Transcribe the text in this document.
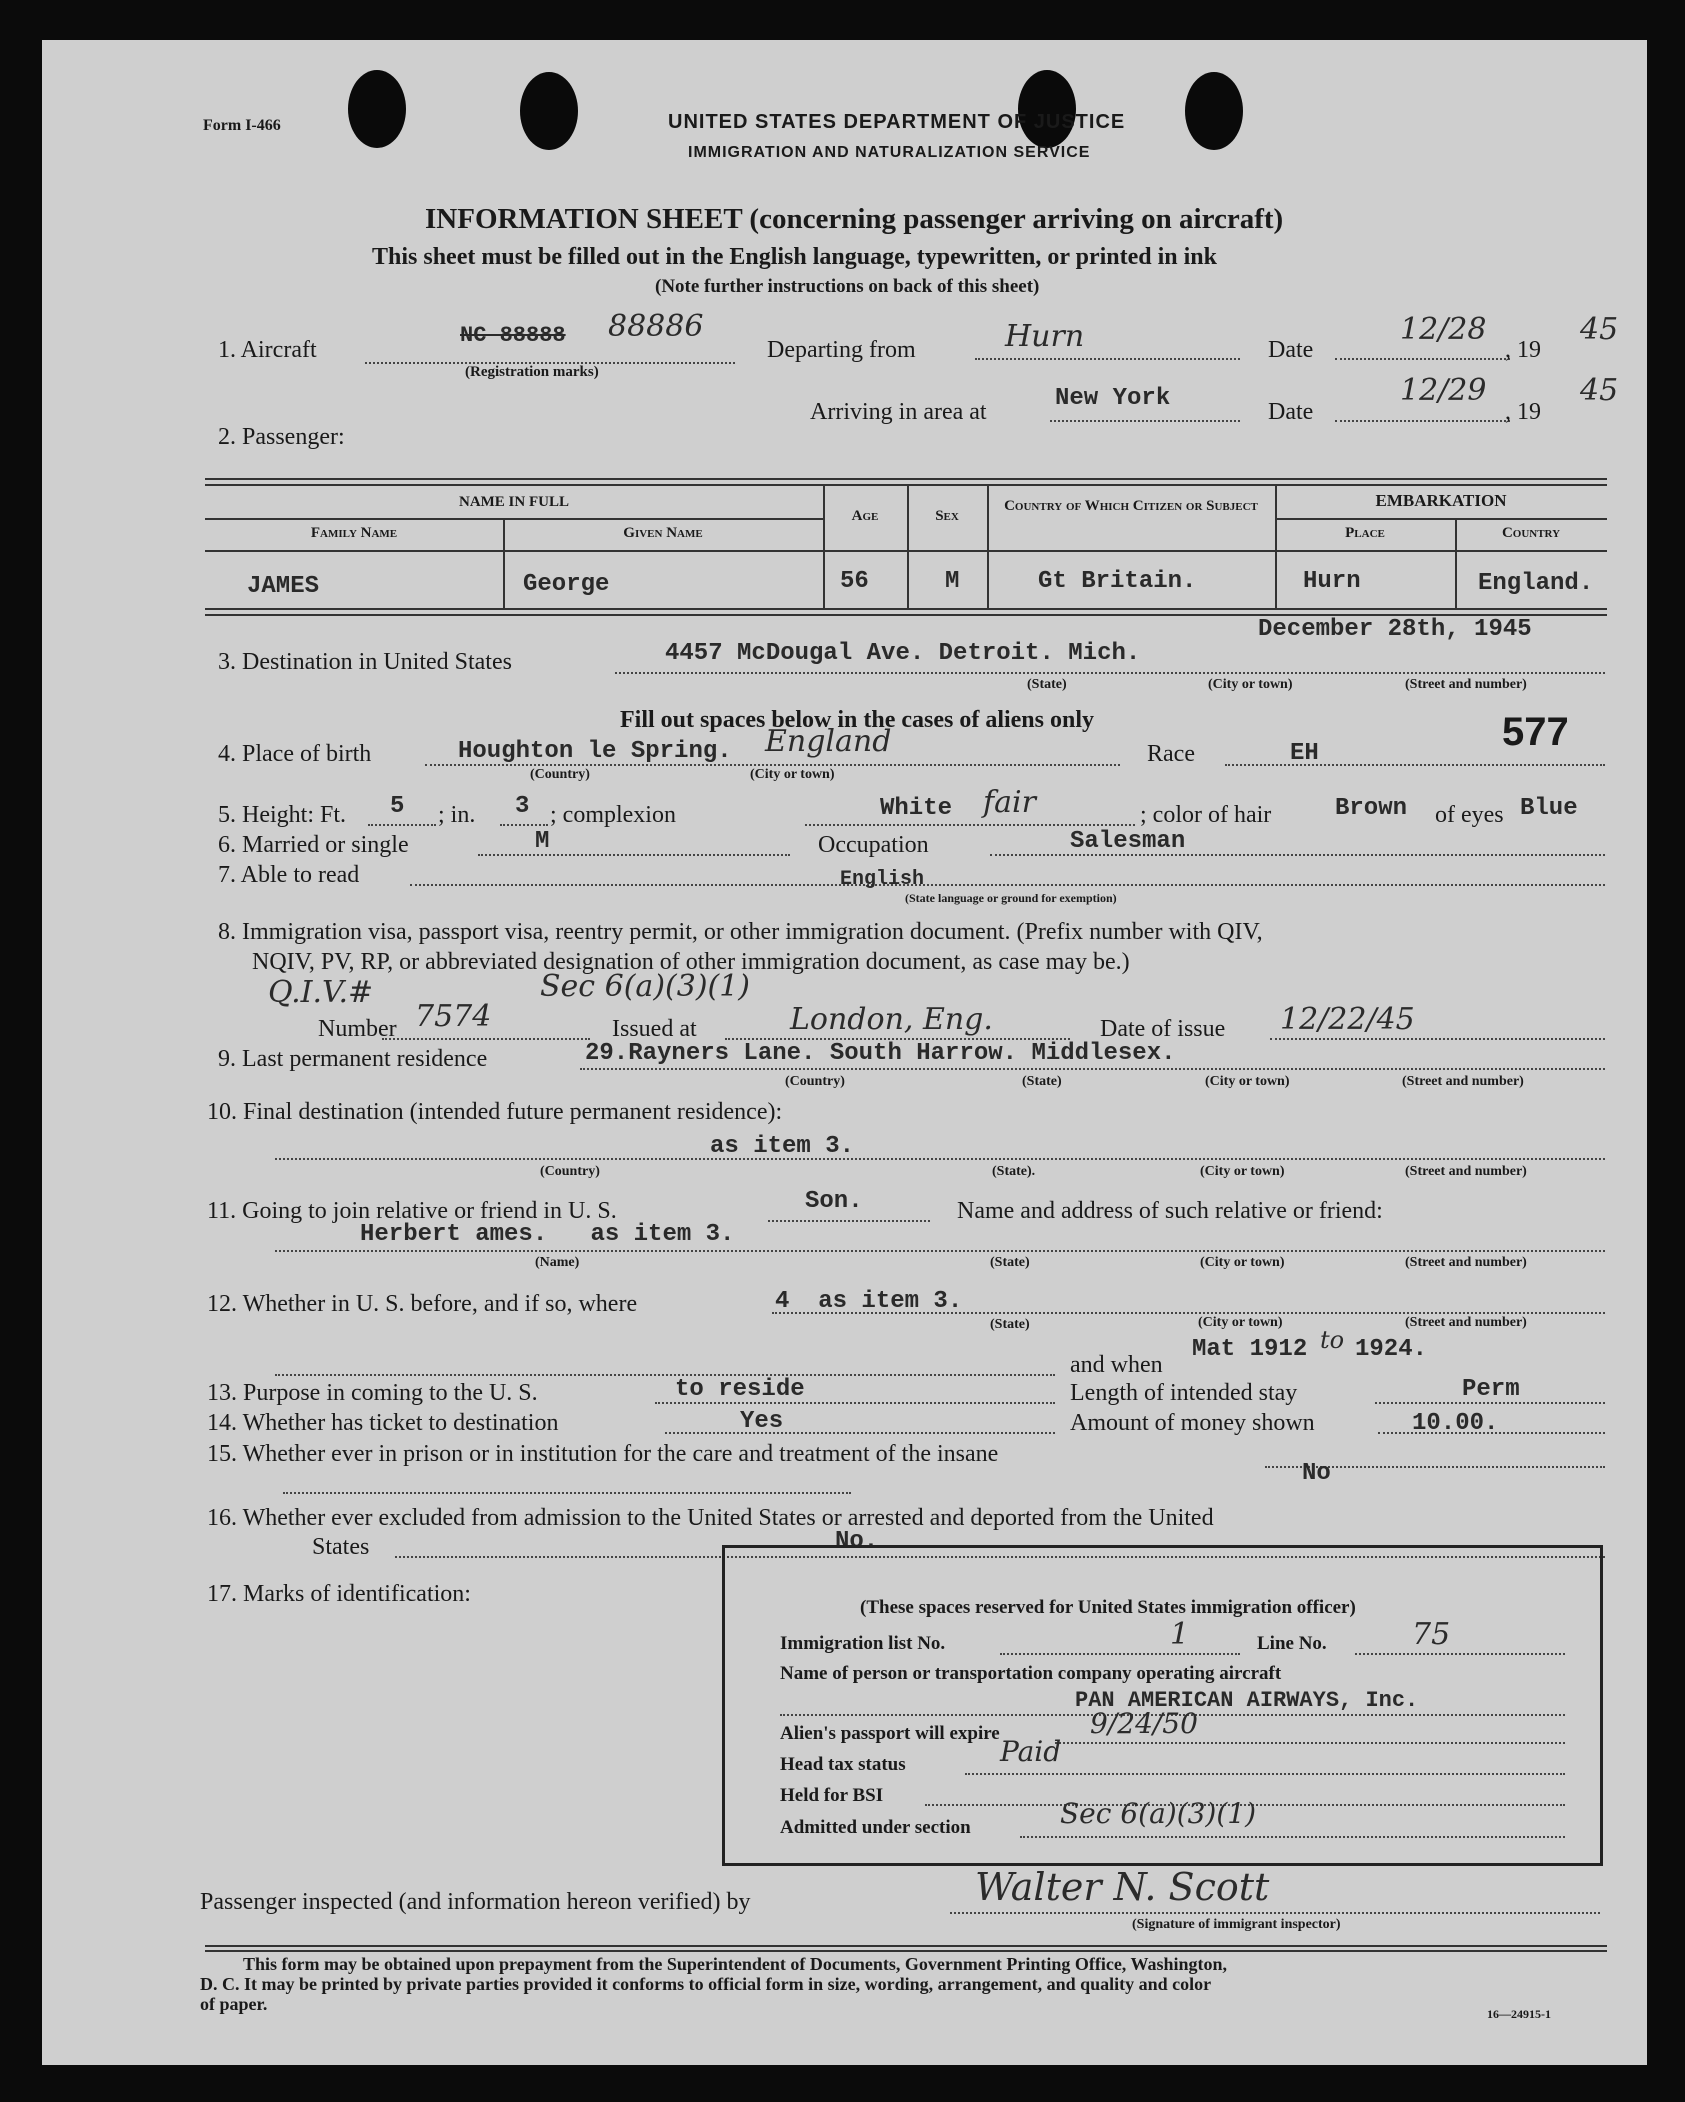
Form I-466	UNITED STATES DEPARTMENT OF JUSTICE
IMMIGRATION AND NATURALIZATION SERVICE
INFORMATION SHEET (concerning passenger arriving on aircraft)
This sheet must be filled out in the English language, typewritten, or printed in ink
(Note further instructions on back of this sheet)
1. Aircraft
NC 88888 88886
(Registration marks)
Departing from	Hurn	Date
12/28
, 19
45
Arriving in area at	New York	Date
12/29
, 19
45
2. Passenger:
NAME IN FULL
Family Name	Given Name
Age	Sex
Country of Which Citizen or Subject	EMBARKATION
Place	Country
JAMES	George	56	M	Gt Britain.	Hurn	England.
December 28th, 1945
3. Destination in United States	4457 McDougal Ave. Detroit. Mich.
(State)	(City or town)	(Street and number)
Fill out spaces below in the cases of aliens only
4. Place of birth	Houghton le Spring. England
(Country)	(City or town)
Race	EH	577
5. Height: Ft. 5 ; in. 3 ; complexion	White fair	; color of hair	Brown of eyes Blue
6. Married or single	M	Occupation	Salesman
7. Able to read	English
(State language or ground for exemption)
8. Immigration visa, passport visa, reentry permit, or other immigration document. (Prefix number with QIV,
NQIV, PV, RP, or abbreviated designation of other immigration document, as case may be.)
Q.I.V.#	Sec 6(a)(3)(1)
Number 7574	Issued at	London, Eng.	Date of issue 12/22/45
9. Last permanent residence	29.Rayners Lane. South Harrow. Middlesex.
(Country)	(State)	(City or town)	(Street and number)
10. Final destination (intended future permanent residence):
as item 3.
(Country)	(State).	(City or town)	(Street and number)
11. Going to join relative or friend in U. S.	Son.	Name and address of such relative or friend:
Herbert ames.   as item 3.
(Name)	(State)	(City or town)	(Street and number)
12. Whether in U. S. before, and if so, where	4  as item 3.
(State)	(City or town)	(Street and number)
and when
Mat 1912 to 1924.
13. Purpose in coming to the U. S.	to reside	Length of intended stay	Perm
14. Whether has ticket to destination	Yes	Amount of money shown	10.00.
15. Whether ever in prison or in institution for the care and treatment of the insane
No
16. Whether ever excluded from admission to the United States or arrested and deported from the United
States	No.
17. Marks of identification:
(These spaces reserved for United States immigration officer)
Immigration list No.	1	Line No.	75
Name of person or transportation company operating aircraft
PAN AMERICAN AIRWAYS, Inc.
Alien's passport will expire	9/24/50
Head tax status	Paid
Held for BSI
Admitted under section	Sec 6(a)(3)(1)
Passenger inspected (and information hereon verified) by	Walter N. Scott
(Signature of immigrant inspector)
This form may be obtained upon prepayment from the Superintendent of Documents, Government Printing Office, Washington,
D. C. It may be printed by private parties provided it conforms to official form in size, wording, arrangement, and quality and color
of paper.	16—24915-1
